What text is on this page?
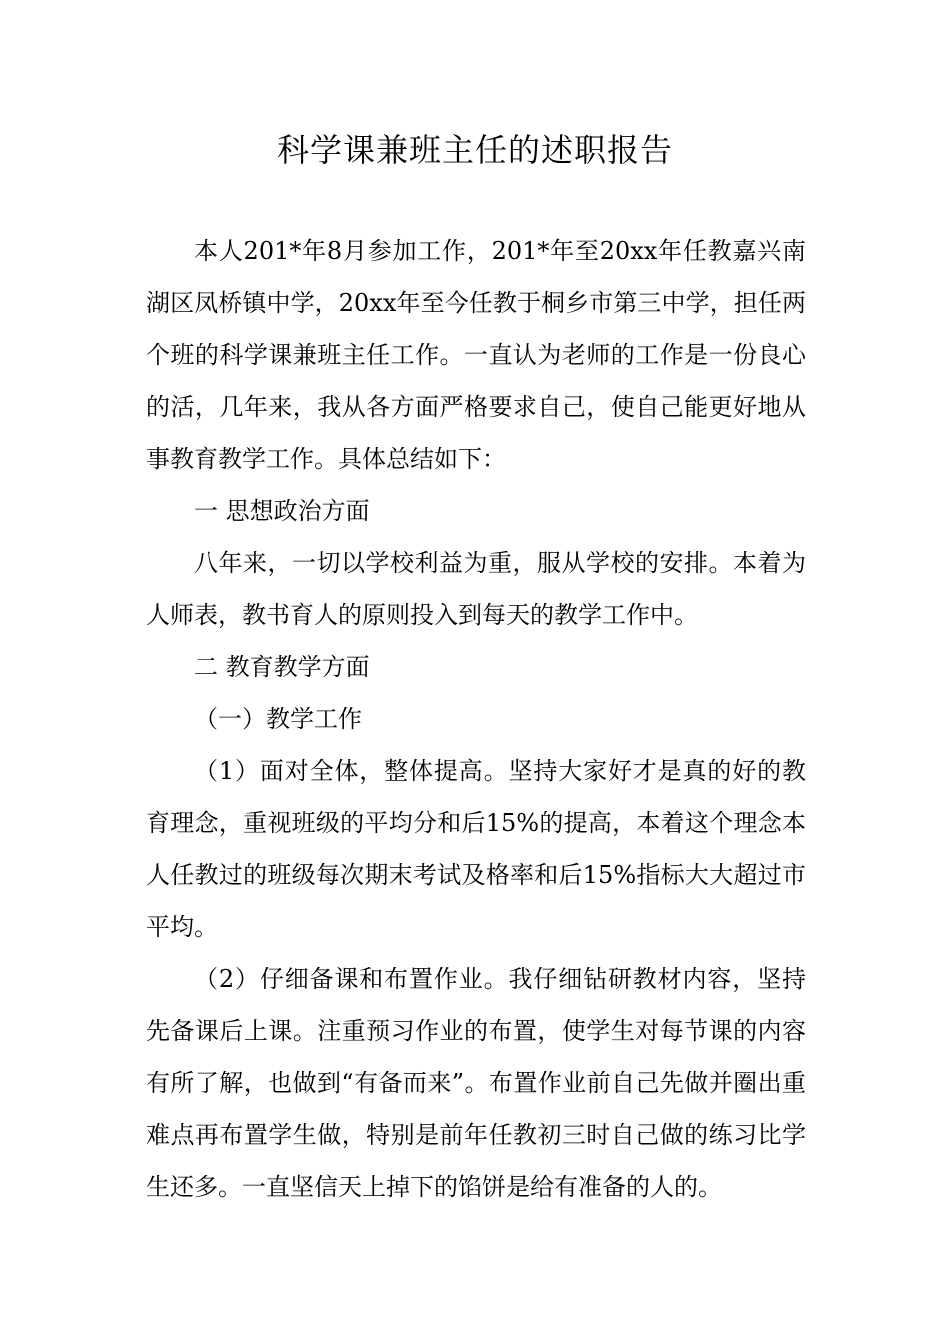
科学课兼班主任的述职报告

本人201*年8月参加工作，201*年至20xx年任教嘉兴南湖区凤桥镇中学，20xx年至今任教于桐乡市第三中学，担任两个班的科学课兼班主任工作。一直认为老师的工作是一份良心的活，几年来，我从各方面严格要求自己，使自己能更好地从事教育教学工作。具体总结如下：

一 思想政治方面

八年来，一切以学校利益为重，服从学校的安排。本着为人师表，教书育人的原则投入到每天的教学工作中。

二 教育教学方面

（一）教学工作

（1）面对全体，整体提高。坚持大家好才是真的好的教育理念，重视班级的平均分和后15%的提高，本着这个理念本人任教过的班级每次期末考试及格率和后15%指标大大超过市平均。

（2）仔细备课和布置作业。我仔细钻研教材内容，坚持先备课后上课。注重预习作业的布置，使学生对每节课的内容有所了解，也做到“有备而来”。布置作业前自己先做并圈出重难点再布置学生做，特别是前年任教初三时自己做的练习比学生还多。一直坚信天上掉下的馅饼是给有准备的人的。
